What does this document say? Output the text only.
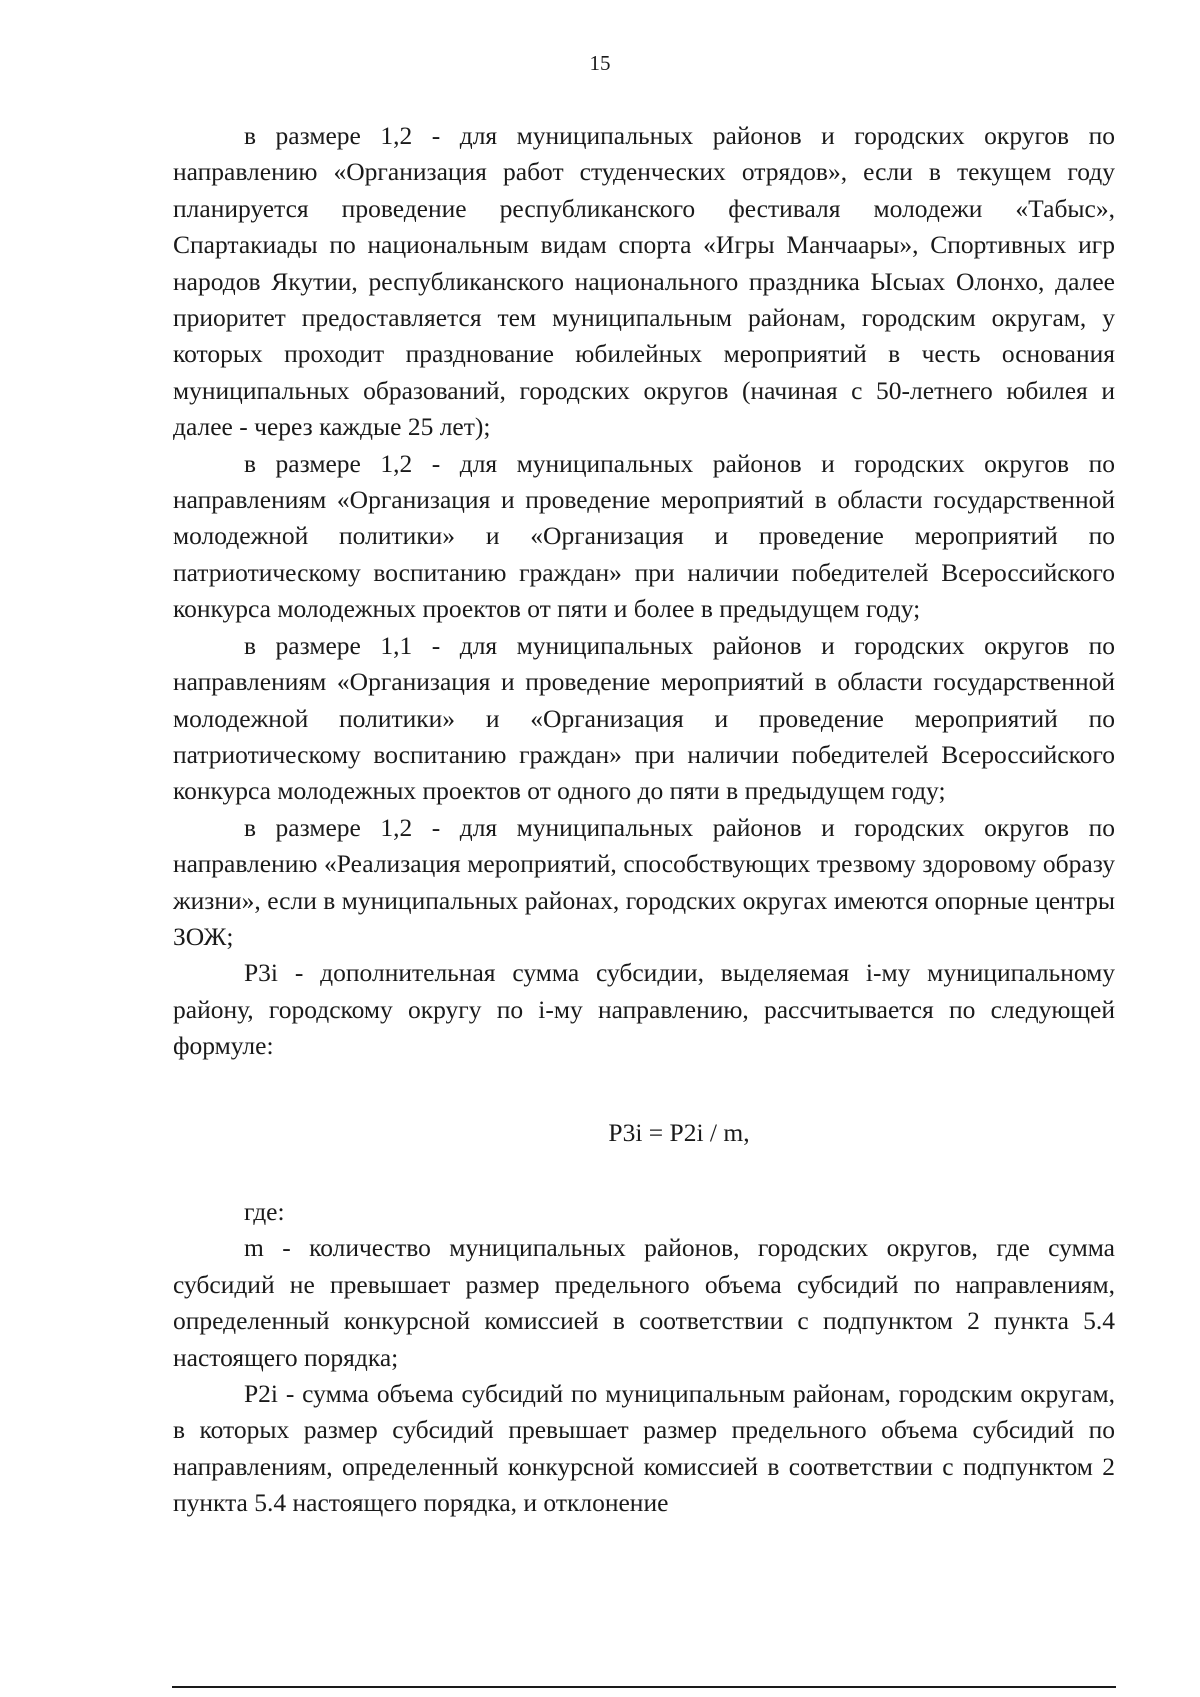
15

в размере 1,2 - для муниципальных районов и городских округов по направлению «Организация работ студенческих отрядов», если в текущем году планируется проведение республиканского фестиваля молодежи «Табыс», Спартакиады по национальным видам спорта «Игры Манчаары», Спортивных игр народов Якутии, республиканского национального праздника Ысыах Олонхо, далее приоритет предоставляется тем муниципальным районам, городским округам, у которых проходит празднование юбилейных мероприятий в честь основания муниципальных образований, городских округов (начиная с 50-летнего юбилея и далее - через каждые 25 лет);

в размере 1,2 - для муниципальных районов и городских округов по направлениям «Организация и проведение мероприятий в области государственной молодежной политики» и «Организация и проведение мероприятий по патриотическому воспитанию граждан» при наличии победителей Всероссийского конкурса молодежных проектов от пяти и более в предыдущем году;

в размере 1,1 - для муниципальных районов и городских округов по направлениям «Организация и проведение мероприятий в области государственной молодежной политики» и «Организация и проведение мероприятий по патриотическому воспитанию граждан» при наличии победителей Всероссийского конкурса молодежных проектов от одного до пяти в предыдущем году;

в размере 1,2 - для муниципальных районов и городских округов по направлению «Реализация мероприятий, способствующих трезвому здоровому образу жизни», если в муниципальных районах, городских округах имеются опорные центры ЗОЖ;

P3i - дополнительная сумма субсидии, выделяемая i-му муниципальному району, городскому округу по i-му направлению, рассчитывается по следующей формуле:

P3i = P2i / m,

где:

m - количество муниципальных районов, городских округов, где сумма субсидий не превышает размер предельного объема субсидий по направлениям, определенный конкурсной комиссией в соответствии с подпунктом 2 пункта 5.4 настоящего порядка;

P2i - сумма объема субсидий по муниципальным районам, городским округам, в которых размер субсидий превышает размер предельного объема субсидий по направлениям, определенный конкурсной комиссией в соответствии с подпунктом 2 пункта 5.4 настоящего порядка, и отклонение
